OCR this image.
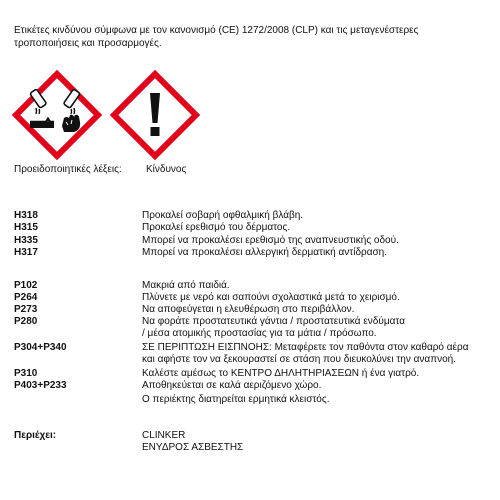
Ετικέτες κινδύνου σύμφωνα με τον κανονισμό (CE) 1272/2008 (CLP) και τις μεταγενέστερες τροποποιήσεις και προσαρμογές.
Προειδοποιητικές λέξεις: Κίνδυνος
H318	Προκαλεί σοβαρή οφθαλμική βλάβη.
H315	Προκαλεί ερεθισμό του δέρματος.
H335	Μπορεί να προκαλέσει ερεθισμό της αναπνευστικής οδού.
H317	Μπορεί να προκαλέσει αλλεργική δερματική αντίδραση.
P102	Μακριά από παιδιά.
P264	Πλύνετε με νερό και σαπούνι σχολαστικά μετά το χειρισμό.
P273	Να αποφεύγεται η ελευθέρωση στο περιβάλλον.
P280	Να φοράτε προστατευτικά γάντια / προστατευτικά ενδύματα
/ μέσα ατομικής προστασίας για τα μάτια / πρόσωπο.
P304+P340	ΣΕ ΠΕΡΙΠΤΩΣΗ ΕΙΣΠΝΟΗΣ: Μεταφέρετε τον παθόντα στον καθαρό αέρα
και αφήστε τον να ξεκουραστεί σε στάση που διευκολύνει την αναπνοή.
P310	Καλέστε αμέσως το ΚΕΝΤΡΟ ΔΗΛΗΤΗΡΙΑΣΕΩΝ ή ένα γιατρό.
P403+P233	Αποθηκεύεται σε καλά αεριζόμενο χώρο.
Ο περιέκτης διατηρείται ερμητικά κλειστός.
Περιέχει:	CLINKER
ΕΝΥΔΡΟΣ ΑΣΒΕΣΤΗΣ
